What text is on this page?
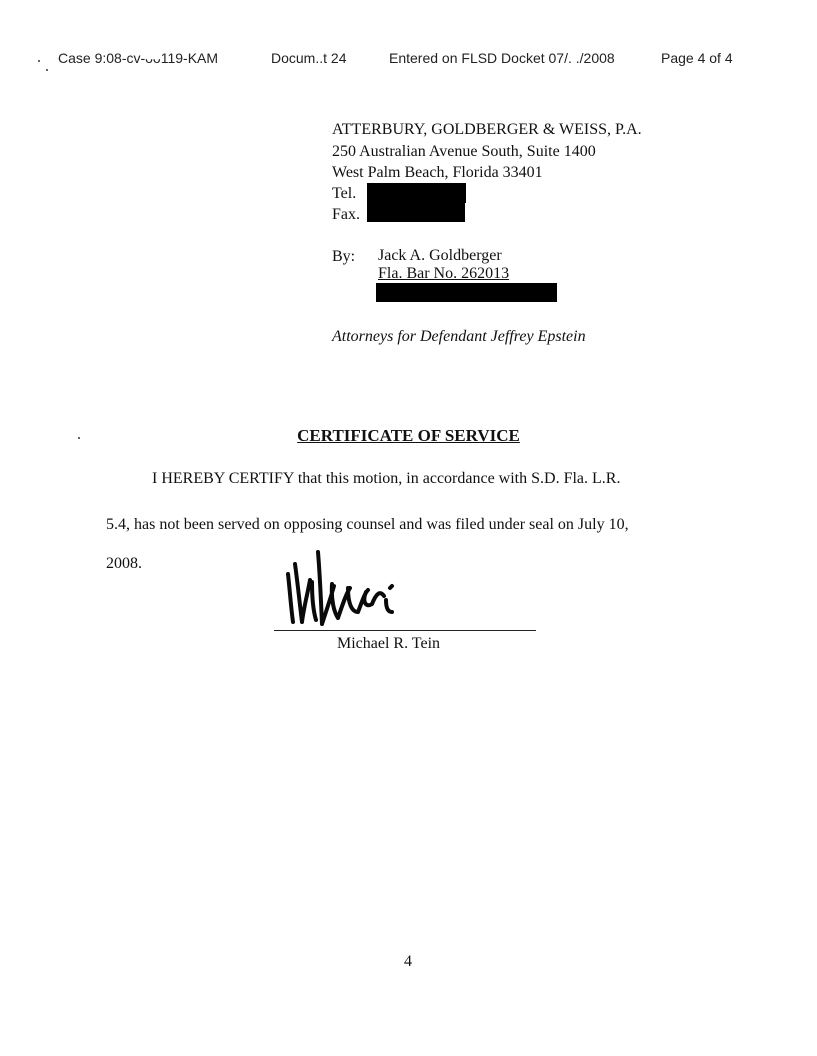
Case 9:08-cv-ᴗᴗ119-KAM	Docum..t 24	Entered on FLSD Docket 07/. ./2008	Page 4 of 4
ATTERBURY, GOLDBERGER & WEISS, P.A.
250 Australian Avenue South, Suite 1400
West Palm Beach, Florida 33401
Tel.
Fax.
By: Jack A. Goldberger
Fla. Bar No. 262013
Attorneys for Defendant Jeffrey Epstein
CERTIFICATE OF SERVICE
I HEREBY CERTIFY that this motion, in accordance with S.D. Fla. L.R.
5.4, has not been served on opposing counsel and was filed under seal on July 10,
2008.
Michael R. Tein
4
